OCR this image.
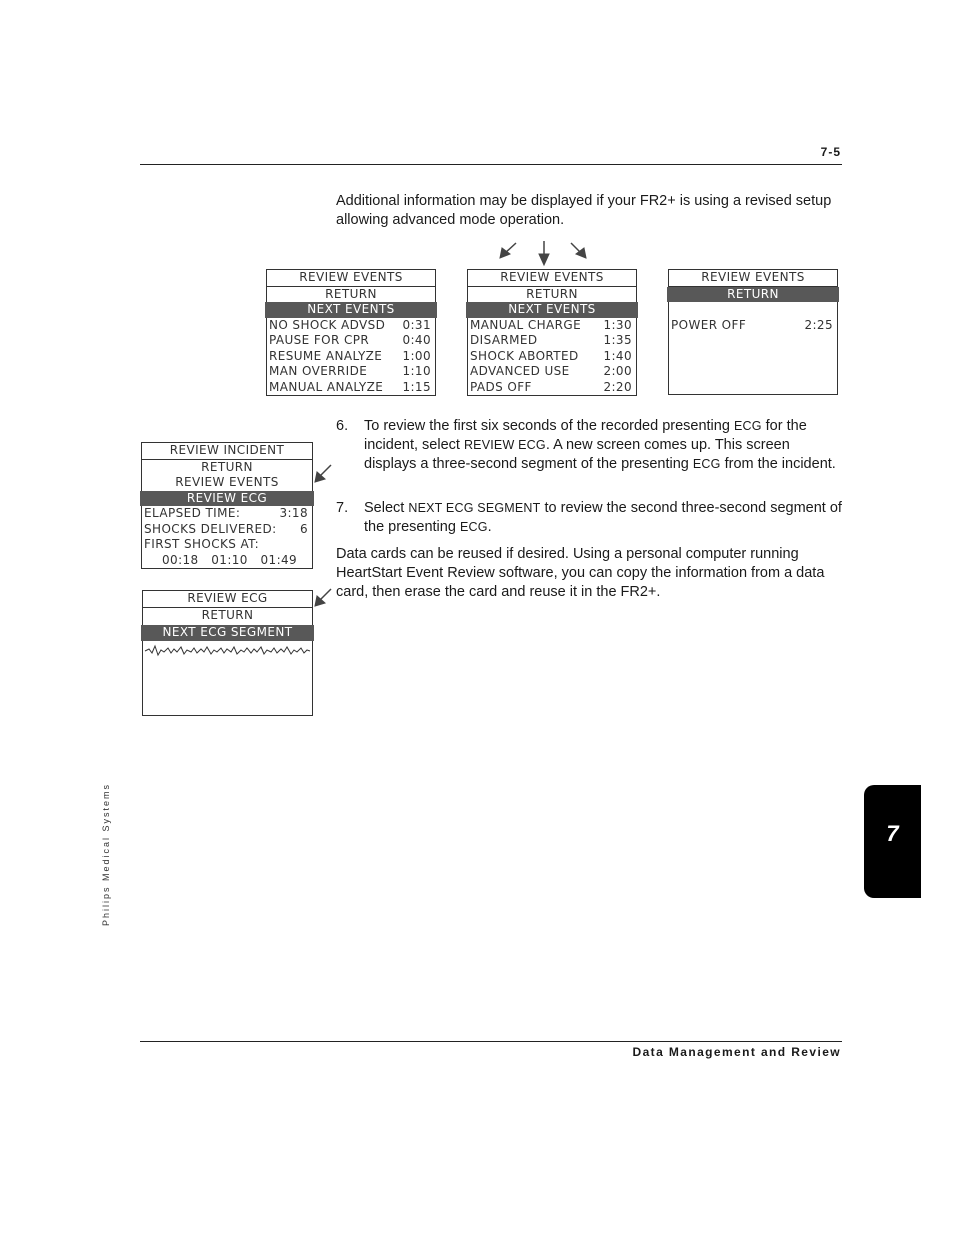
7-5
Additional information may be displayed if your FR2+ is using a revised setup allowing advanced mode operation.
REVIEW EVENTS
RETURN
NEXT EVENTS
NO SHOCK ADVSD 0:31
PAUSE FOR CPR	0:40
RESUME ANALYZE 1:00
MAN OVERRIDE	1:10
MANUAL ANALYZE 1:15
REVIEW EVENTS
RETURN
NEXT EVENTS
MANUAL CHARGE 1:30
DISARMED	1:35
SHOCK ABORTED 1:40
ADVANCED USE	2:00
PADS OFF	2:20
REVIEW EVENTS
RETURN
POWER OFF	2:25
REVIEW INCIDENT
RETURN
REVIEW EVENTS
REVIEW ECG
ELAPSED TIME:	3:18
SHOCKS DELIVERED: 6
FIRST SHOCKS AT:
00:18 01:10 01:49
REVIEW ECG
RETURN
NEXT ECG SEGMENT
6. To review the first six seconds of the recorded presenting ECG for the incident, select REVIEW ECG. A new screen comes up. This screen displays a three-second segment of the presenting ECG from the incident.
7. Select NEXT ECG SEGMENT to review the second three-second segment of the presenting ECG.
Data cards can be reused if desired. Using a personal computer running HeartStart Event Review software, you can copy the information from a data card, then erase the card and reuse it in the FR2+.
Philips Medical Systems	7
Data Management and Review
